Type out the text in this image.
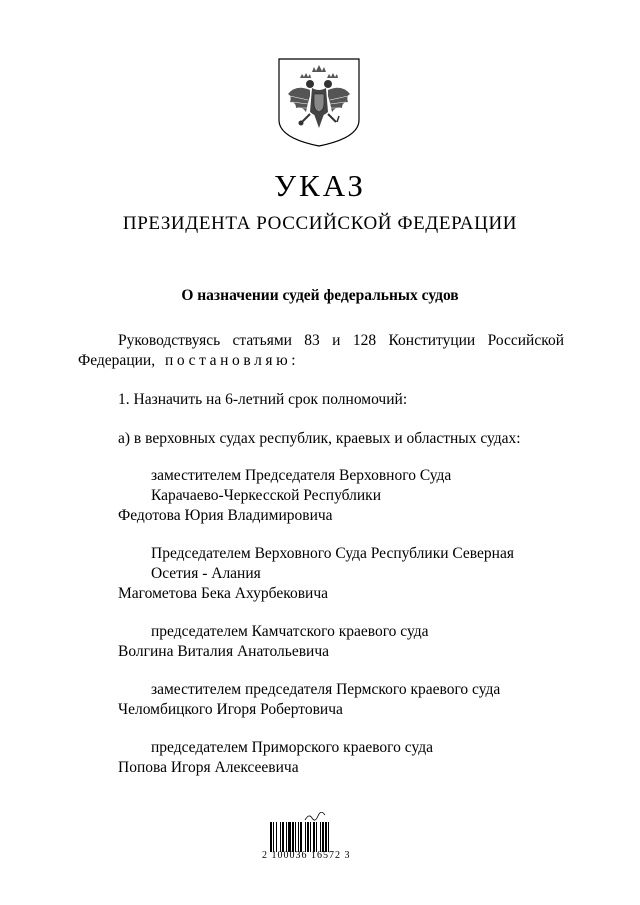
УКАЗ
ПРЕЗИДЕНТА РОССИЙСКОЙ ФЕДЕРАЦИИ
О назначении судей федеральных судов
Руководствуясь статьями 83 и 128 Конституции Российской
Федерации, постановляю:
1. Назначить на 6-летний срок полномочий:
а) в верховных судах республик, краевых и областных судах:
заместителем Председателя Верховного Суда
Карачаево-Черкесской Республики
Федотова Юрия Владимировича
Председателем Верховного Суда Республики Северная
Осетия - Алания
Магометова Бека Ахурбековича
председателем Камчатского краевого суда
Волгина Виталия Анатольевича
заместителем председателя Пермского краевого суда
Челомбицкого Игоря Робертовича
председателем Приморского краевого суда
Попова Игоря Алексеевича
2 100036 16572 3
